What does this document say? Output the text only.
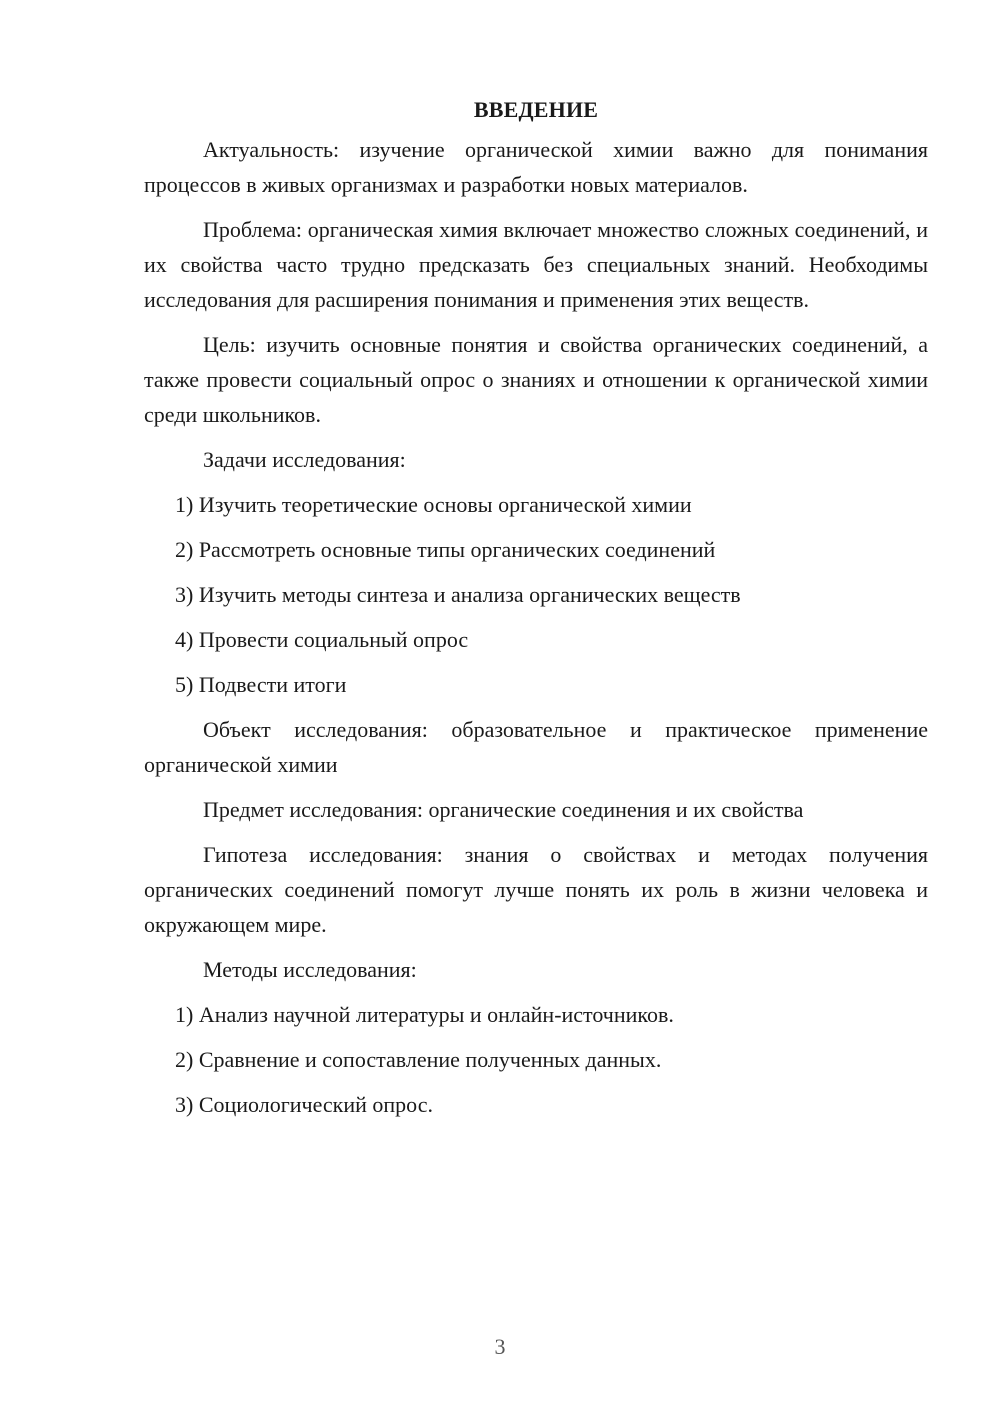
ВВЕДЕНИЕ

Актуальность: изучение органической химии важно для понимания процессов в живых организмах и разработки новых материалов.

Проблема: органическая химия включает множество сложных соединений, и их свойства часто трудно предсказать без специальных знаний. Необходимы исследования для расширения понимания и применения этих веществ.

Цель: изучить основные понятия и свойства органических соединений, а также провести социальный опрос о знаниях и отношении к органической химии среди школьников.

Задачи исследования:

1) Изучить теоретические основы органической химии
2) Рассмотреть основные типы органических соединений
3) Изучить методы синтеза и анализа органических веществ
4) Провести социальный опрос
5) Подвести итоги

Объект исследования: образовательное и практическое применение органической химии

Предмет исследования: органические соединения и их свойства

Гипотеза исследования: знания о свойствах и методах получения органических соединений помогут лучше понять их роль в жизни человека и окружающем мире.

Методы исследования:

1) Анализ научной литературы и онлайн-источников.
2) Сравнение и сопоставление полученных данных.
3) Социологический опрос.
3
